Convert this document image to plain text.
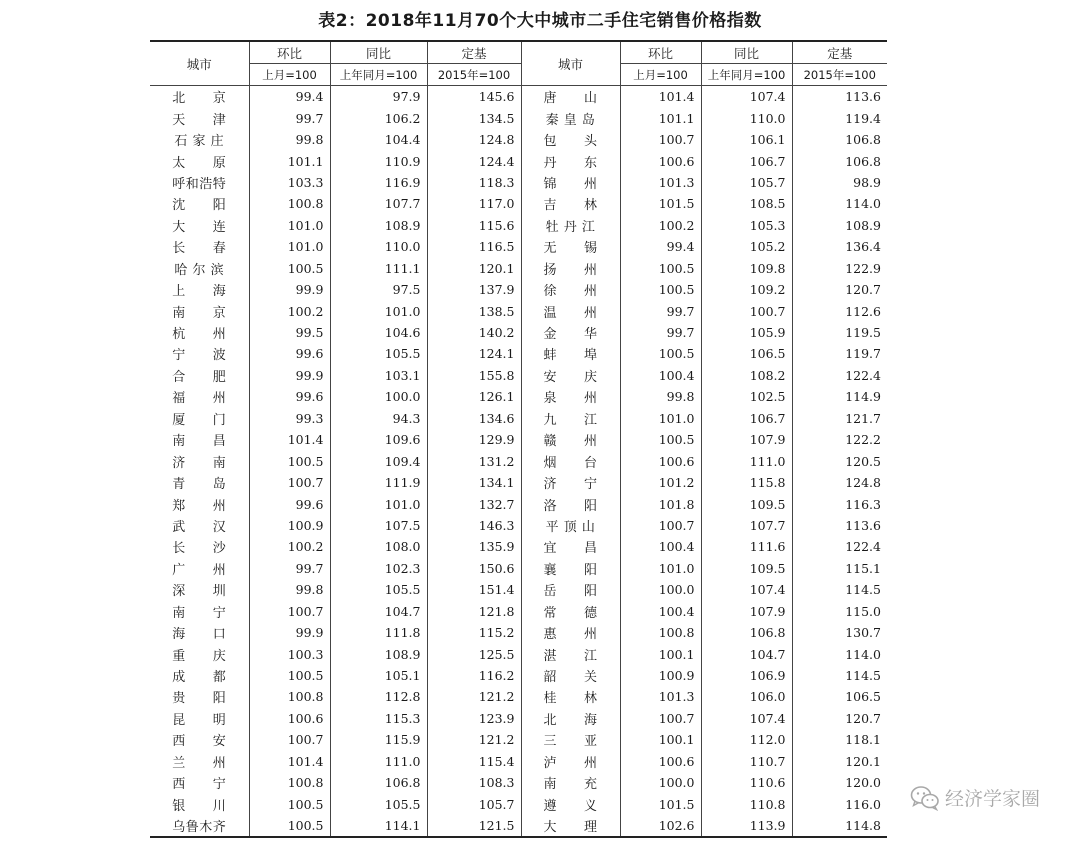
表2：2018年11月70个大中城市二手住宅销售价格指数
城市	环比	同比	定基	城市	环比	同比	定基
	上月=100	上年同月=100	2015年=100		上月=100	上年同月=100	2015年=100
北　　京	99.4	97.9	145.6	唐　　山	101.4	107.4	113.6
天　　津	99.7	106.2	134.5	秦 皇 岛	101.1	110.0	119.4
石 家 庄	99.8	104.4	124.8	包　　头	100.7	106.1	106.8
太　　原	101.1	110.9	124.4	丹　　东	100.6	106.7	106.8
呼和浩特	103.3	116.9	118.3	锦　　州	101.3	105.7	98.9
沈　　阳	100.8	107.7	117.0	吉　　林	101.5	108.5	114.0
大　　连	101.0	108.9	115.6	牡 丹 江	100.2	105.3	108.9
长　　春	101.0	110.0	116.5	无　　锡	99.4	105.2	136.4
哈 尔 滨	100.5	111.1	120.1	扬　　州	100.5	109.8	122.9
上　　海	99.9	97.5	137.9	徐　　州	100.5	109.2	120.7
南　　京	100.2	101.0	138.5	温　　州	99.7	100.7	112.6
杭　　州	99.5	104.6	140.2	金　　华	99.7	105.9	119.5
宁　　波	99.6	105.5	124.1	蚌　　埠	100.5	106.5	119.7
合　　肥	99.9	103.1	155.8	安　　庆	100.4	108.2	122.4
福　　州	99.6	100.0	126.1	泉　　州	99.8	102.5	114.9
厦　　门	99.3	94.3	134.6	九　　江	101.0	106.7	121.7
南　　昌	101.4	109.6	129.9	赣　　州	100.5	107.9	122.2
济　　南	100.5	109.4	131.2	烟　　台	100.6	111.0	120.5
青　　岛	100.7	111.9	134.1	济　　宁	101.2	115.8	124.8
郑　　州	99.6	101.0	132.7	洛　　阳	101.8	109.5	116.3
武　　汉	100.9	107.5	146.3	平 顶 山	100.7	107.7	113.6
长　　沙	100.2	108.0	135.9	宜　　昌	100.4	111.6	122.4
广　　州	99.7	102.3	150.6	襄　　阳	101.0	109.5	115.1
深　　圳	99.8	105.5	151.4	岳　　阳	100.0	107.4	114.5
南　　宁	100.7	104.7	121.8	常　　德	100.4	107.9	115.0
海　　口	99.9	111.8	115.2	惠　　州	100.8	106.8	130.7
重　　庆	100.3	108.9	125.5	湛　　江	100.1	104.7	114.0
成　　都	100.5	105.1	116.2	韶　　关	100.9	106.9	114.5
贵　　阳	100.8	112.8	121.2	桂　　林	101.3	106.0	106.5
昆　　明	100.6	115.3	123.9	北　　海	100.7	107.4	120.7
西　　安	100.7	115.9	121.2	三　　亚	100.1	112.0	118.1
兰　　州	101.4	111.0	115.4	泸　　州	100.6	110.7	120.1
西　　宁	100.8	106.8	108.3	南　　充	100.0	110.6	120.0
银　　川	100.5	105.5	105.7	遵　　义	101.5	110.8	116.0
乌鲁木齐	100.5	114.1	121.5	大　　理	102.6	113.9	114.8
经济学家圈
